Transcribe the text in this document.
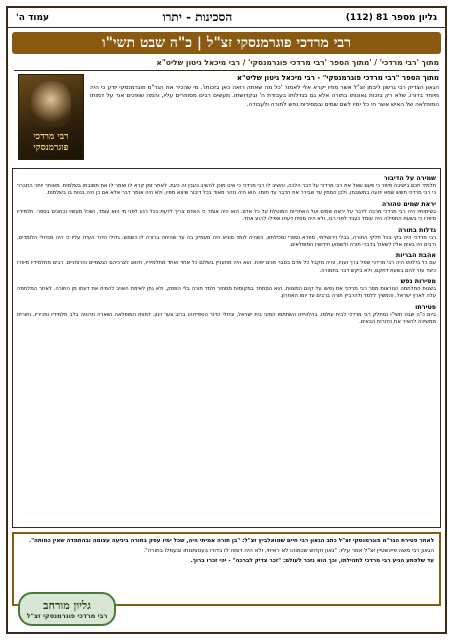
גליון מספר 81 (112)
הסכינות - יתרו
עמוד ה'
רבי מרדכי פוגרמנסקי זצ"ל | כ"ה שבט תשי"ו
מתוך 'רבי מרדכי' / 'מתוך הספר 'רבי מרדכי פוגרמנסקי' / רבי מיכאל גיטון שליט"א
מתוך הספר "רבי מרדכי פוגרמנסקי" - רבי מיכאל גיטון שליט"א
הגאון הצדיק רבי גרשון ליבמן זצ"ל אשר מפיו יקרא אלי לאמור 'כל מה שאתה רואה כאן בזכותו'. מי שהכיר את הגר"מ פוגרמנסקי יודע כי היה מיוחד בדורו, שלא רק בזכות גאונותו בתורה אלא גם בגדלותו בעבודת ה' ובקדושתו. מעשים רבים מסופרים עליו, והמה שופכים אור על דמותו המופלאה של האיש אשר חי כל ימיו לשם שמים ובמסירות נפש לתורה ולעבודה.
רבי מרדכי
פוגרמנסקי
שמירה על הדיבור
תלמיד חכם בישיבה סיפר כי פעם שאל את רבי מרדכי על דבר הלכה, והשיב לו רבי מרדכי כי אינו מוכן להשיב בענין זה כעת. לאחר זמן קרא לו ואמר לו את תשובתו בשלמות. מאוחר יותר התברר כי רבי מרדכי חשש שמא יטעה בתשובתו, ולכן המתין עד שבירר את הדבר עד תומו. הוא היה נזהר מאוד בכל דיבור שיצא מפיו, ולא היה אומר דבר אלא אם כן היה בטוח בו בשלמות.
יראת שמים טהורה
בשיחותיו היה רבי מרדכי מרבה לדבר על יראת שמים ועל האחריות המוטלת על כל אדם. הוא היה אומר כי האדם צריך לדעת בכל רגע לפני מי הוא עומד, ושכל מעשיו נכתבים בספר. תלמידיו סיפרו כי בשעת התפילה היה עומד כעבד לפני רבו, ולא היה מסיח דעתו אפילו לרגע אחד.
גדלות בתורה
רבי מרדכי היה בקי בכל חלקי התורה, בבלי וירושלמי, ספרא וספרי ומכילתא. כשהיה לומד סוגיא היה מעמיק בה עד שהיתה ברורה לו כשמש. גדולי הדור העידו עליו כי היה מגדולי הלומדים, ורבים היו באים אליו לשאול בדברי תורה ולשמוע חידושיו המופלאים.
אהבת הבריות
עם כל גדלותו היה רבי מרדכי שפל ברך ועניו, והיה מקבל כל אדם בסבר פנים יפות. הוא היה מתעניין בשלום כל אחד ואחד מתלמידיו, ודואג לצרכיהם הגשמיים והרוחניים. רבים מתלמידיו סיפרו כיצד עזר להם בשעת דחקם, ולא ביקש דבר בתמורה.
מסירות נפש
בשנות המלחמה הנוראות מסר רבי מרדכי את נפשו על קיום המצוות. הוא הסתתר במקומות מסתור ולמד תורה בלי הפסק, ולא נתן לאימת האויב להסיח את דעתו מן התורה. לאחר המלחמה עלה לארץ ישראל, והמשיך ללמד ולהרביץ תורה ברבים עד יומו האחרון.
פטירתו
ביום כ"ה שבט תשי"ו נסתלק רבי מרדכי לבית עולמו. בהלווייתו השתתפו המוני בית ישראל, וגדולי הדור הספידוהו ברוב צער ויגון. דמותו המופלאה נשארה חרוטה בלב תלמידיו ומכיריו, ותורתו ממשיכה להאיר את הדורות הבאים.
לאחר פטירת הגר"מ פוגרמנסקי זצ"ל כתב הגאון רבי חיים שמואלביץ זצ"ל: "בן תורה אמיתי היה, שכל ימיו עסק בתורה ביגיעה עצומה ובהתמדה שאין כמותה".
הגאון רבי משה פיינשטיין זצ"ל אמר עליו: "גאון וקדוש שכמוהו לא ראיתי, ולא היה דומה לו בדורו בענוותנותו ובעמלו בתורה".
עד שלפתע הגיע רבי מרדכי לתהילתו, וכך הוא נזכר לעולם: "זכר צדיק לברכה" - יהי זכרו ברוך.
גליון מורחב
רבי מרדכי פוגרמנסקי זצ"ל
